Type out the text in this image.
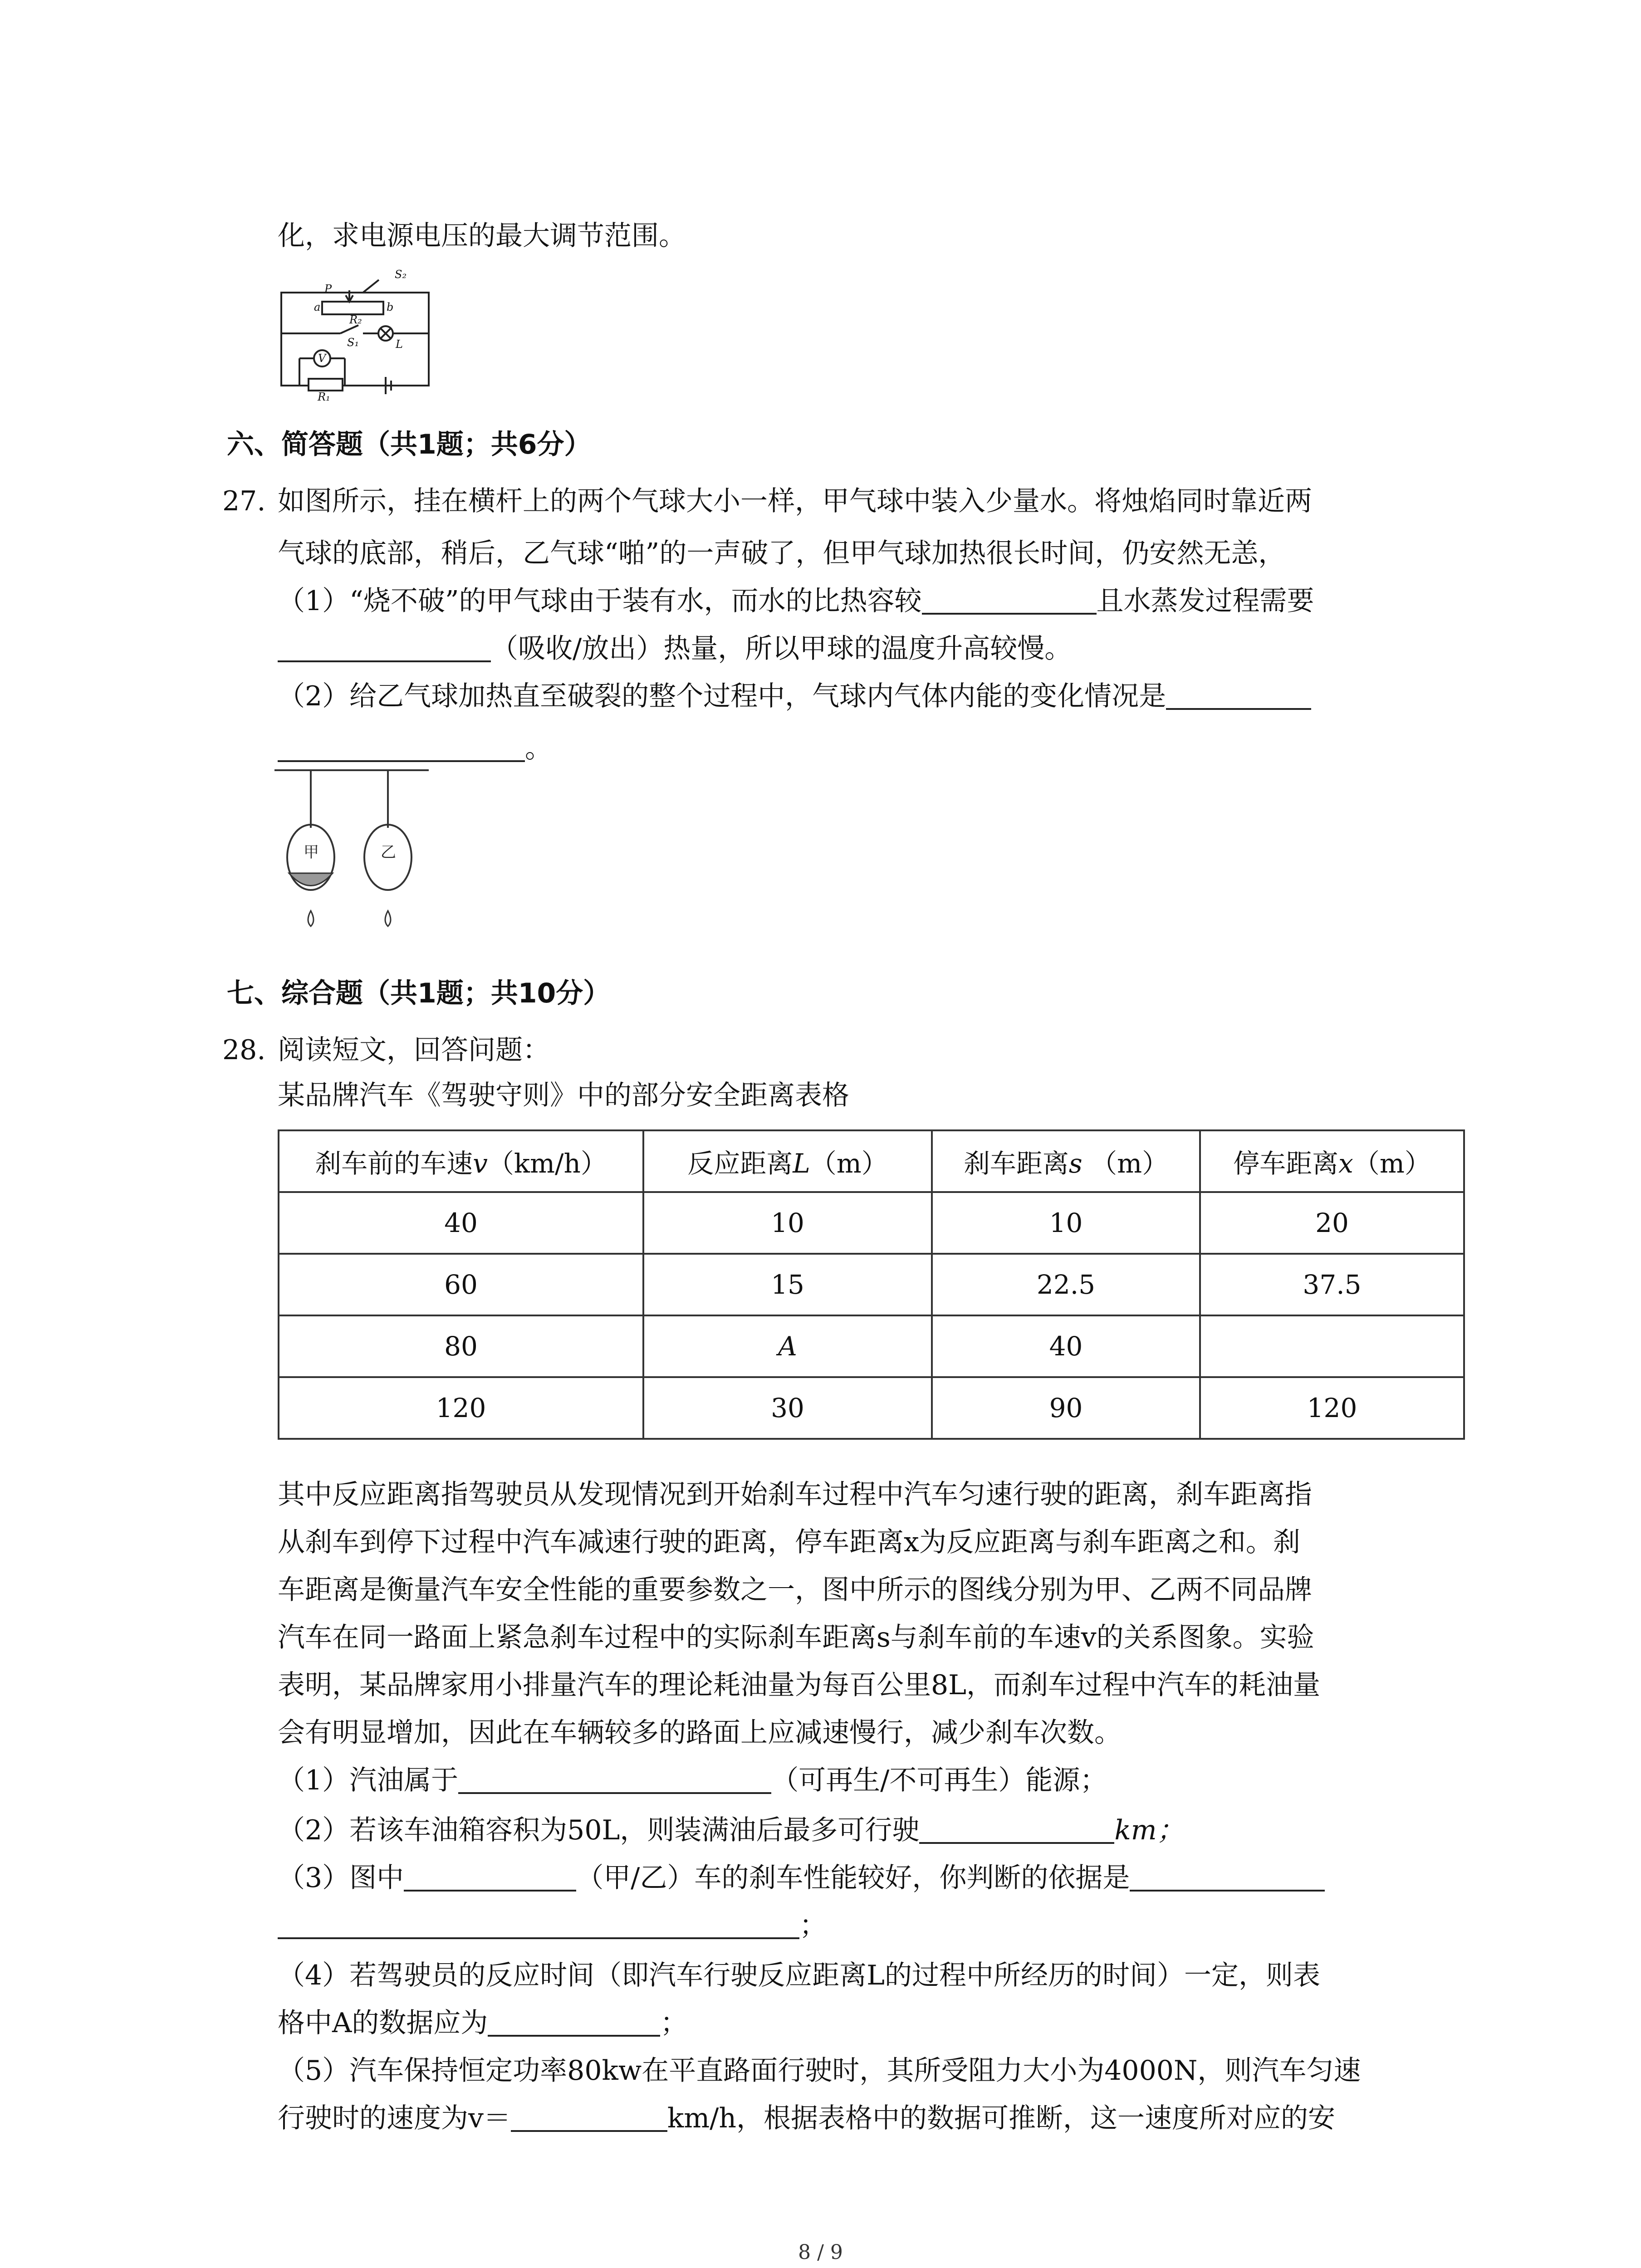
化，求电源电压的最大调节范围。
S₂
P
a	b
R₂
S₁	L
V
R₁
六、简答题（共1题；共6分）
27. 如图所示，挂在横杆上的两个气球大小一样，甲气球中装入少量水。将烛焰同时靠近两
气球的底部，稍后，乙气球“啪”的一声破了，但甲气球加热很长时间，仍安然无恙，
（1）“烧不破”的甲气球由于装有水，而水的比热容较	且水蒸发过程需要
（吸收/放出）热量，所以甲球的温度升高较慢。
（2）给乙气球加热直至破裂的整个过程中，气球内气体内能的变化情况是
。
甲	乙
七、综合题（共1题；共10分）
28. 阅读短文，回答问题：
某品牌汽车《驾驶守则》中的部分安全距离表格
刹车前的车速v（km/h）	反应距离L（m）	刹车距离s （m）	停车距离x（m）
40	10	10	20
60	15	22.5	37.5
80	A	40	
120	30	90	120
其中反应距离指驾驶员从发现情况到开始刹车过程中汽车匀速行驶的距离，刹车距离指
从刹车到停下过程中汽车减速行驶的距离，停车距离x为反应距离与刹车距离之和。刹
车距离是衡量汽车安全性能的重要参数之一，图中所示的图线分别为甲、乙两不同品牌
汽车在同一路面上紧急刹车过程中的实际刹车距离s与刹车前的车速v的关系图象。实验
表明，某品牌家用小排量汽车的理论耗油量为每百公里8L，而刹车过程中汽车的耗油量
会有明显增加，因此在车辆较多的路面上应减速慢行，减少刹车次数。
（1）汽油属于	（可再生/不可再生）能源；
（2）若该车油箱容积为50L，则装满油后最多可行驶	km；
（3）图中	（甲/乙）车的刹车性能较好，你判断的依据是
；
（4）若驾驶员的反应时间（即汽车行驶反应距离L的过程中所经历的时间）一定，则表
格中A的数据应为	；
（5）汽车保持恒定功率80kw在平直路面行驶时，其所受阻力大小为4000N，则汽车匀速
行驶时的速度为v＝	km/h，根据表格中的数据可推断，这一速度所对应的安
8 / 9
